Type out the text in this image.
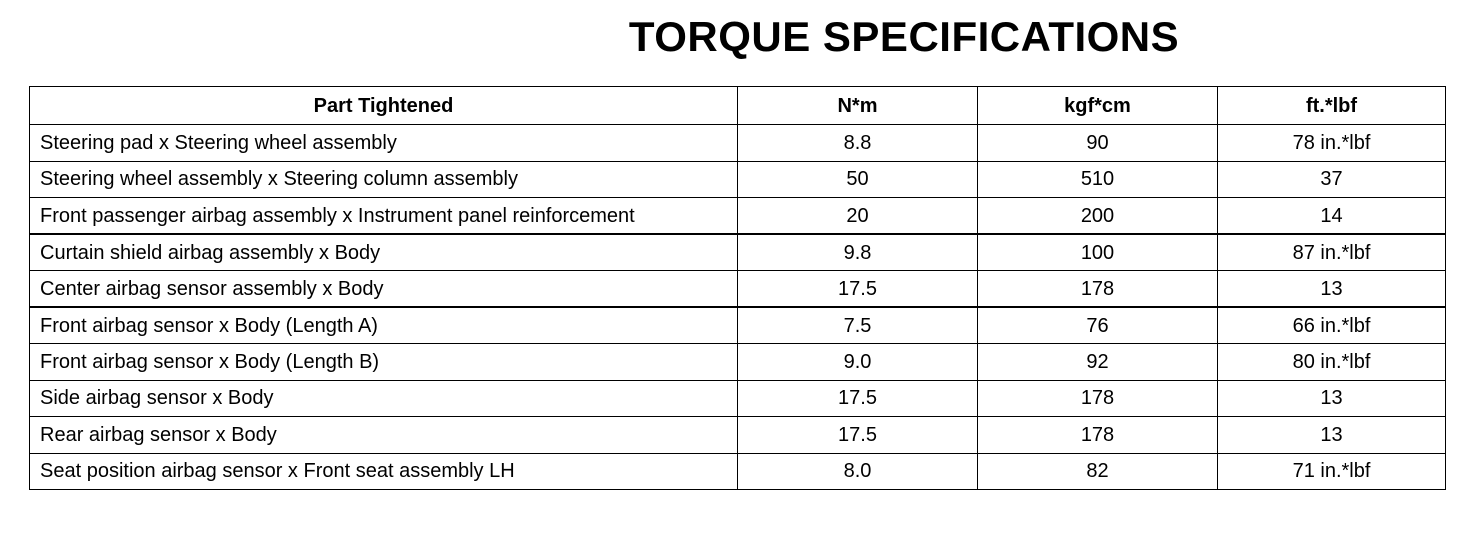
TORQUE SPECIFICATIONS
Part Tightened	N*m	kgf*cm	ft.*lbf
Steering pad x Steering wheel assembly	8.8	90	78 in.*lbf
Steering wheel assembly x Steering column assembly	50	510	37
Front passenger airbag assembly x Instrument panel reinforcement	20	200	14
Curtain shield airbag assembly x Body	9.8	100	87 in.*lbf
Center airbag sensor assembly x Body	17.5	178	13
Front airbag sensor x Body (Length A)	7.5	76	66 in.*lbf
Front airbag sensor x Body (Length B)	9.0	92	80 in.*lbf
Side airbag sensor x Body	17.5	178	13
Rear airbag sensor x Body	17.5	178	13
Seat position airbag sensor x Front seat assembly LH	8.0	82	71 in.*lbf
